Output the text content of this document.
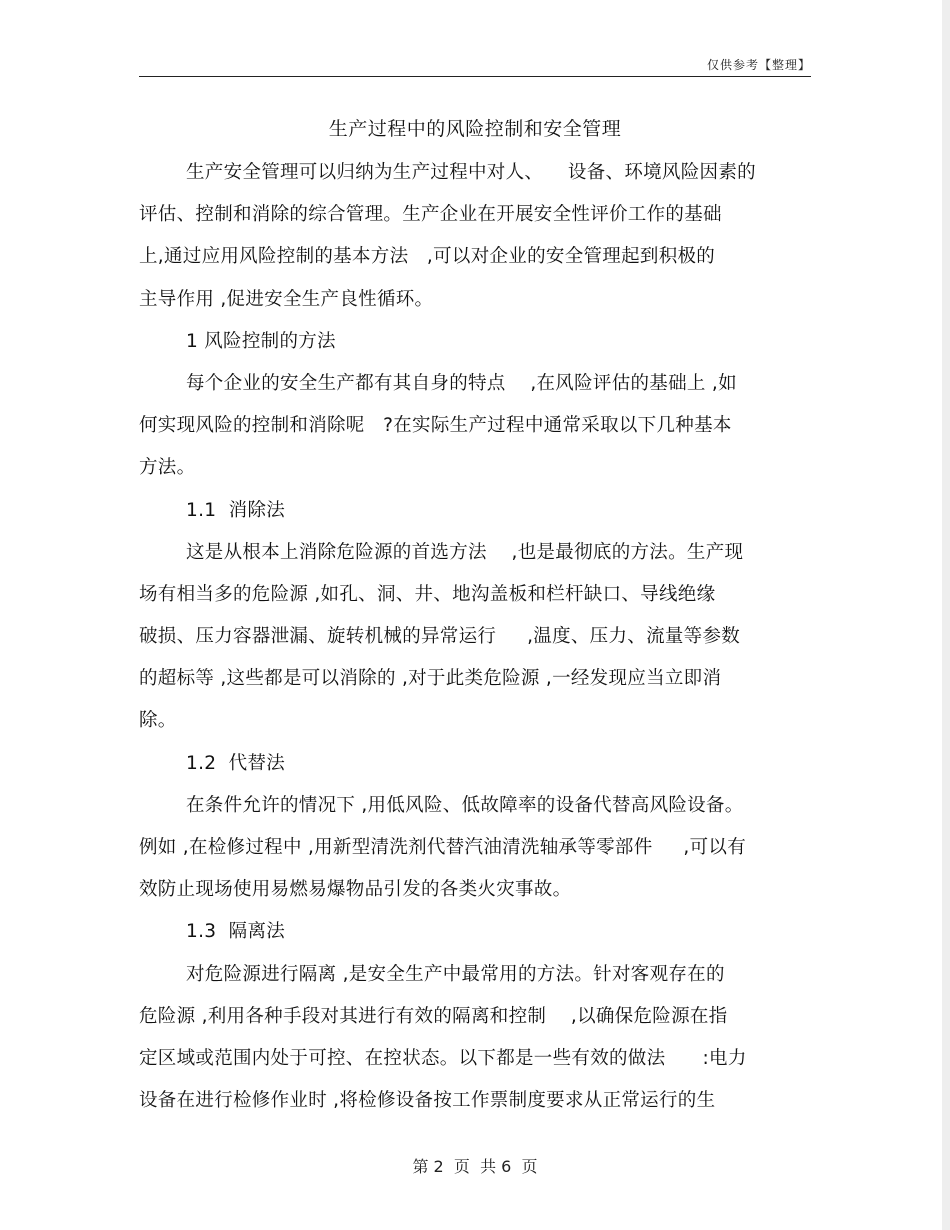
仅供参考【整理】
生产过程中的风险控制和安全管理
生产安全管理可以归纳为生产过程中对人、    设备、环境风险因素的
评估、控制和消除的综合管理。生产企业在开展安全性评价工作的基础
上,通过应用风险控制的基本方法   ,可以对企业的安全管理起到积极的
主导作用 ,促进安全生产良性循环。
1 风险控制的方法
每个企业的安全生产都有其自身的特点    ,在风险评估的基础上 ,如
何实现风险的控制和消除呢   ?在实际生产过程中通常采取以下几种基本
方法。
1.1  消除法
这是从根本上消除危险源的首选方法    ,也是最彻底的方法。生产现
场有相当多的危险源 ,如孔、洞、井、地沟盖板和栏杆缺口、导线绝缘
破损、压力容器泄漏、旋转机械的异常运行     ,温度、压力、流量等参数
的超标等 ,这些都是可以消除的 ,对于此类危险源 ,一经发现应当立即消
除。
1.2  代替法
在条件允许的情况下 ,用低风险、低故障率的设备代替高风险设备。
例如 ,在检修过程中 ,用新型清洗剂代替汽油清洗轴承等零部件     ,可以有
效防止现场使用易燃易爆物品引发的各类火灾事故。
1.3  隔离法
对危险源进行隔离 ,是安全生产中最常用的方法。针对客观存在的
危险源 ,利用各种手段对其进行有效的隔离和控制    ,以确保危险源在指
定区域或范围内处于可控、在控状态。以下都是一些有效的做法      :电力
设备在进行检修作业时 ,将检修设备按工作票制度要求从正常运行的生
第 2  页  共 6  页
